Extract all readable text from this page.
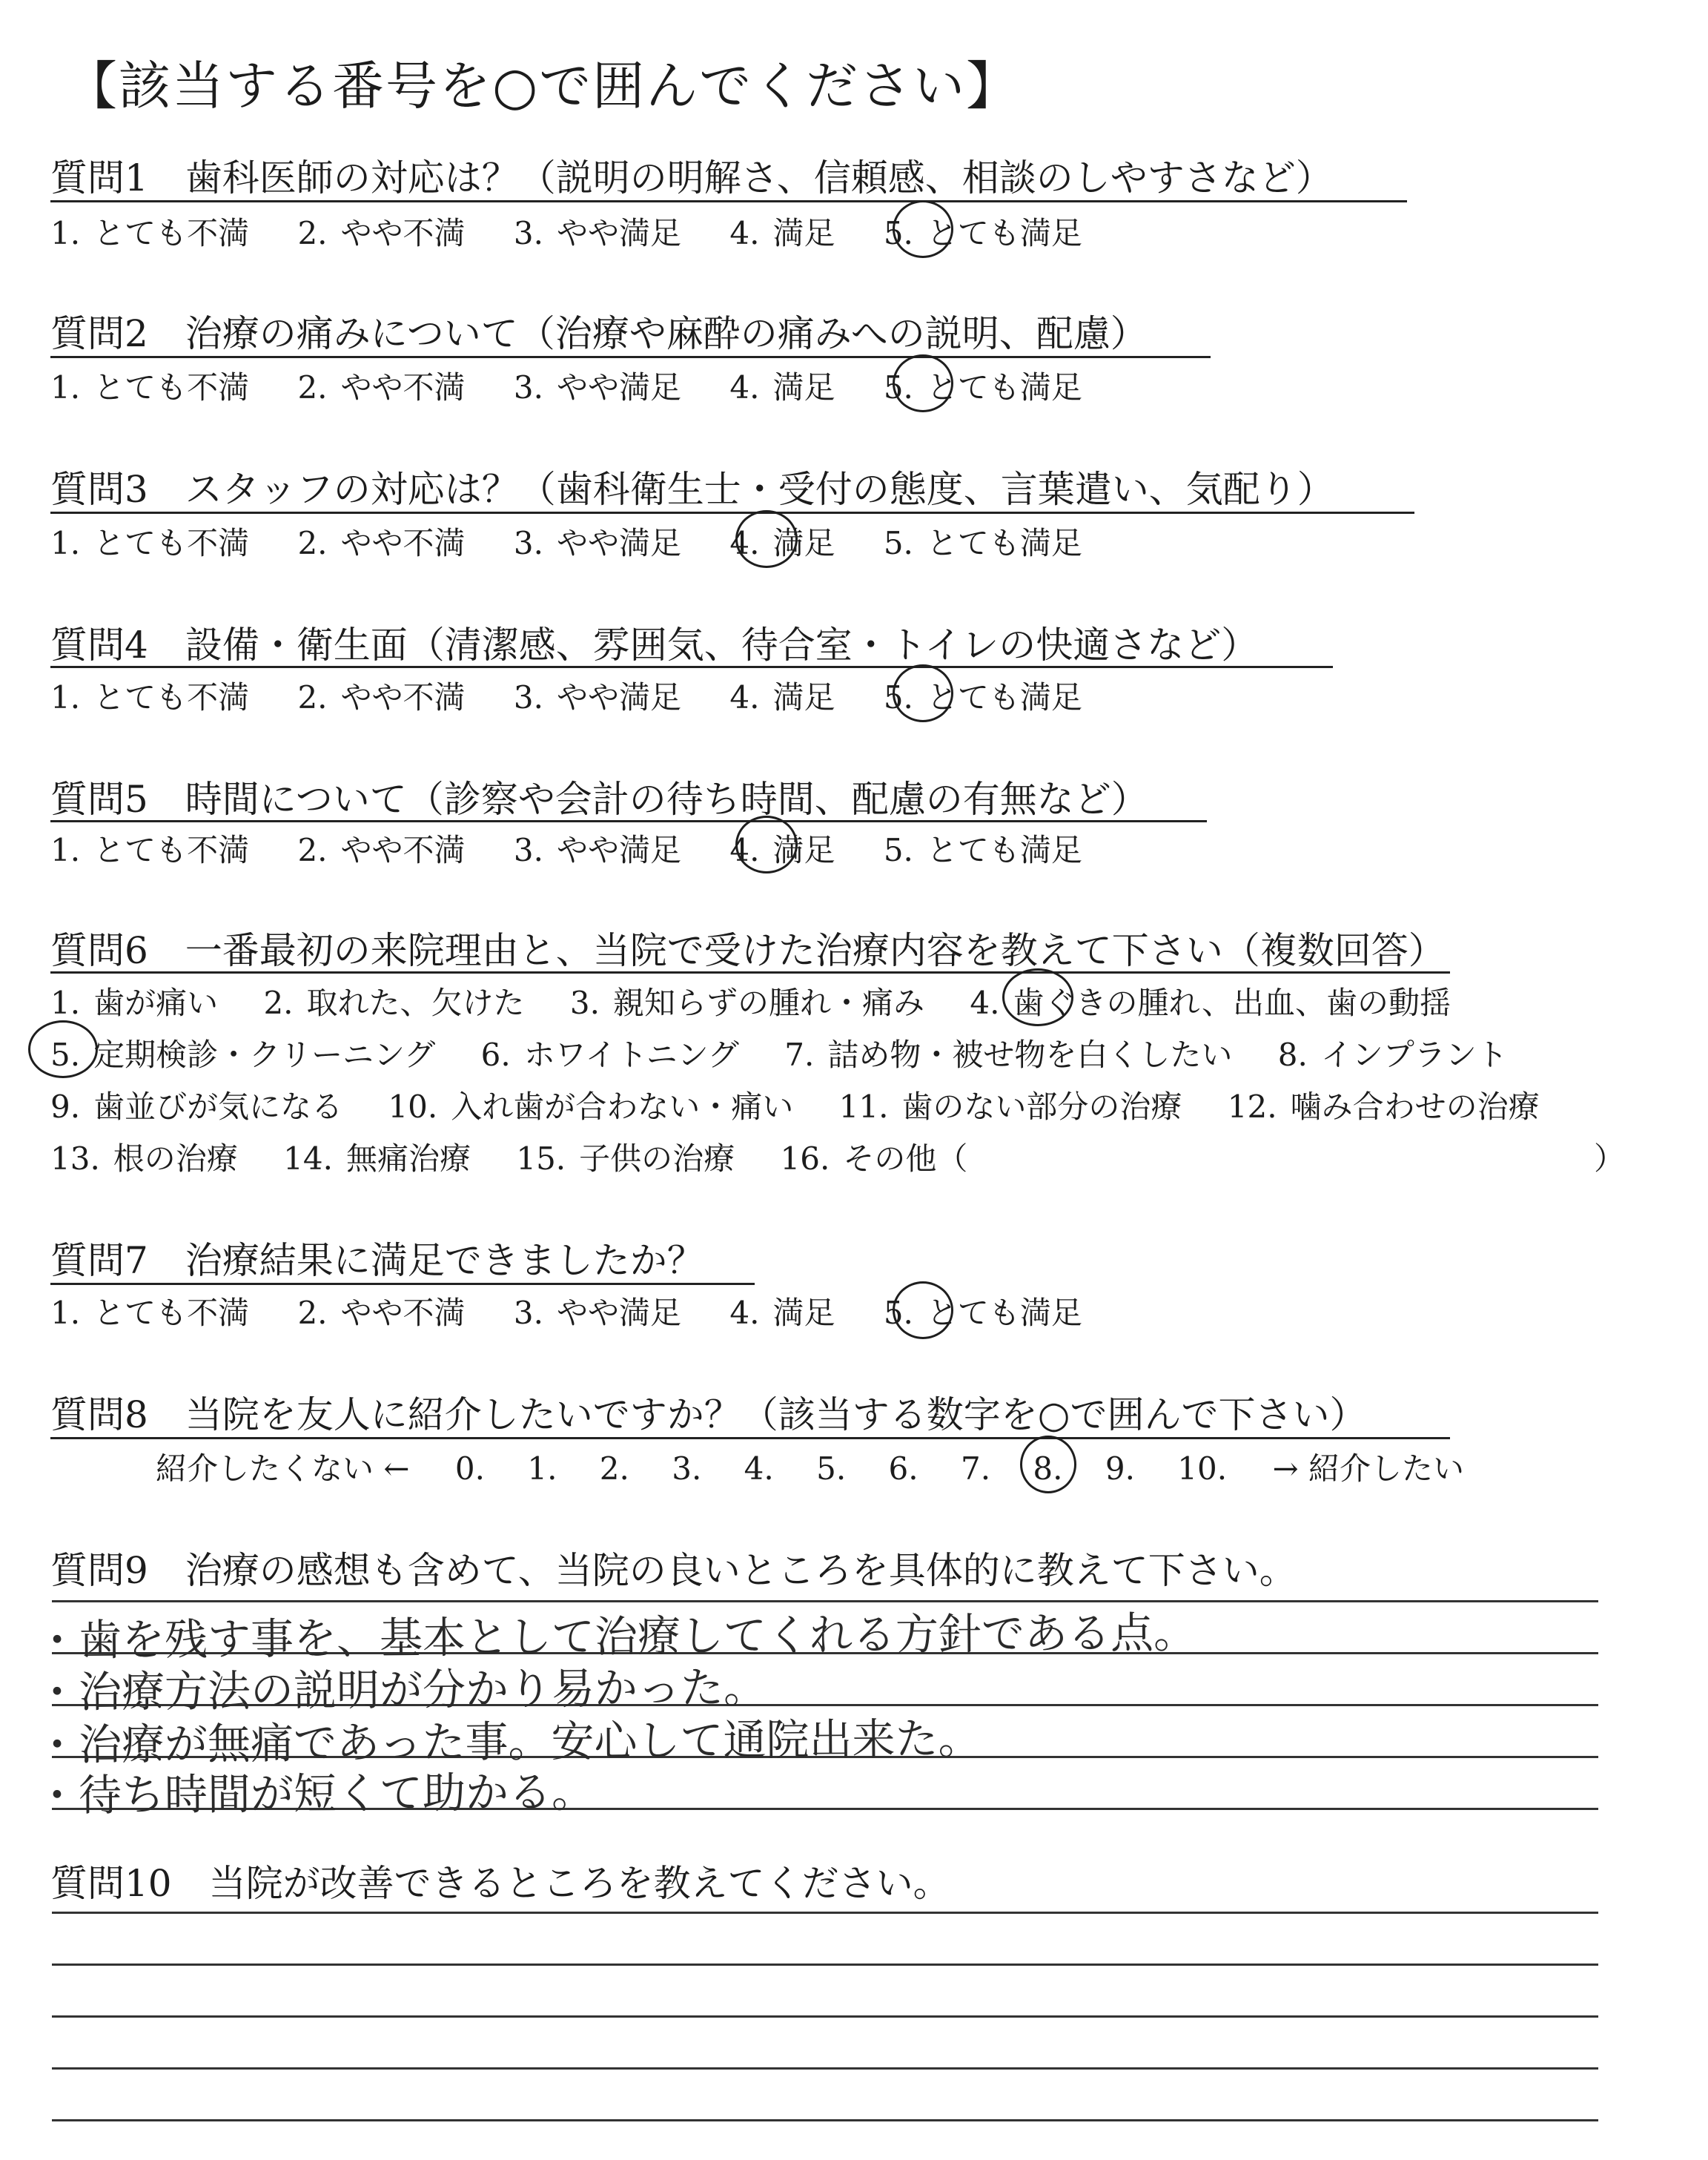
【該当する番号を○で囲んでください】
質問1　歯科医師の対応は？（説明の明解さ、信頼感、相談のしやすさなど）
1. とても不満 2. やや不満 3. やや満足 4. 満足 5. とても満足
質問2　治療の痛みについて（治療や麻酔の痛みへの説明、配慮）
1. とても不満 2. やや不満 3. やや満足 4. 満足 5. とても満足
質問3　スタッフの対応は？（歯科衛生士・受付の態度、言葉遣い、気配り）
1. とても不満 2. やや不満 3. やや満足 4. 満足 5. とても満足
質問4　設備・衛生面（清潔感、雰囲気、待合室・トイレの快適さなど）
1. とても不満 2. やや不満 3. やや満足 4. 満足 5. とても満足
質問5　時間について（診察や会計の待ち時間、配慮の有無など）
1. とても不満 2. やや不満 3. やや満足 4. 満足 5. とても満足
質問6　一番最初の来院理由と、当院で受けた治療内容を教えて下さい（複数回答）
1. 歯が痛い 2. 取れた、欠けた 3. 親知らずの腫れ・痛み 4. 歯ぐきの腫れ、出血、歯の動揺
5. 定期検診・クリーニング 6. ホワイトニング 7. 詰め物・被せ物を白くしたい 8. インプラント
9. 歯並びが気になる 10. 入れ歯が合わない・痛い 11. 歯のない部分の治療 12. 噛み合わせの治療
13. 根の治療 14. 無痛治療 15. 子供の治療 16. その他（	）
質問7　治療結果に満足できましたか？
1. とても不満 2. やや不満 3. やや満足 4. 満足 5. とても満足
質問8　当院を友人に紹介したいですか？（該当する数字を○で囲んで下さい）
紹介したくない ← 0. 1. 2. 3. 4. 5. 6. 7. 8. 9. 10. → 紹介したい
質問9　治療の感想も含めて、当院の良いところを具体的に教えて下さい。
・歯を残す事を、基本として治療してくれる方針である点。
・治療方法の説明が分かり易かった。
・治療が無痛であった事。安心して通院出来た。
・待ち時間が短くて助かる。
質問10　当院が改善できるところを教えてください。
